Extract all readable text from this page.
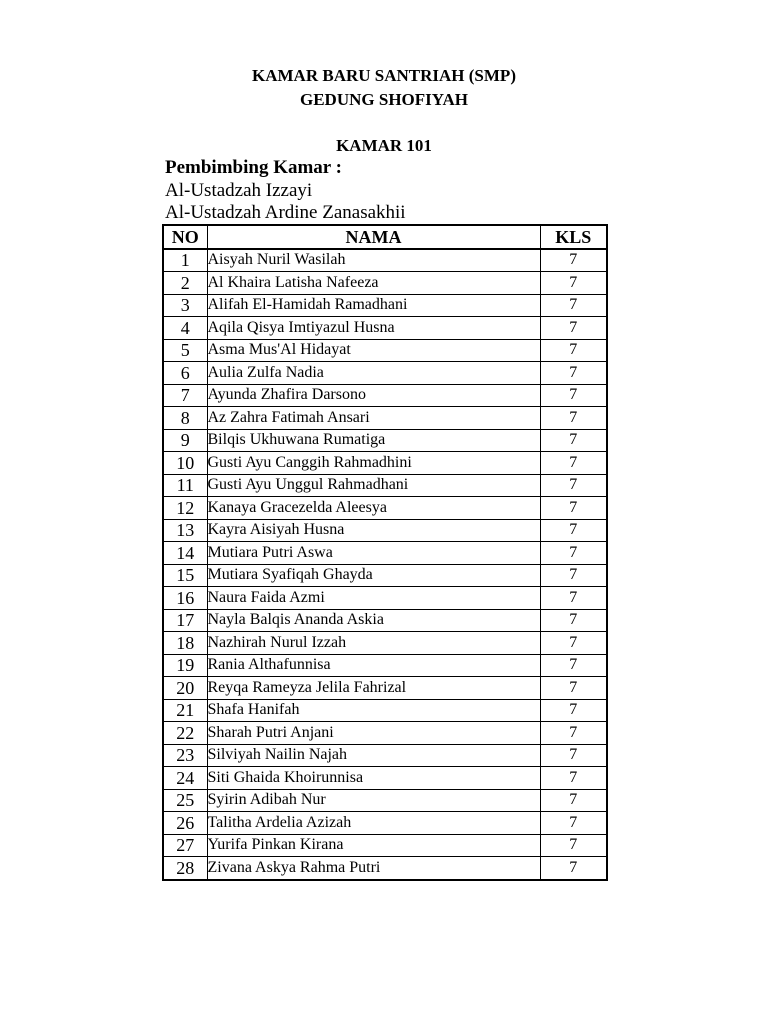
KAMAR BARU SANTRIAH (SMP)
GEDUNG SHOFIYAH
KAMAR 101
Pembimbing Kamar :
Al-Ustadzah Izzayi
Al-Ustadzah Ardine Zanasakhii
NO	NAMA	KLS
1	Aisyah Nuril Wasilah	7
2	Al Khaira Latisha Nafeeza	7
3	Alifah El-Hamidah Ramadhani	7
4	Aqila Qisya Imtiyazul Husna	7
5	Asma Mus'Al Hidayat	7
6	Aulia Zulfa Nadia	7
7	Ayunda Zhafira Darsono	7
8	Az Zahra Fatimah Ansari	7
9	Bilqis Ukhuwana Rumatiga	7
10	Gusti Ayu Canggih Rahmadhini	7
11	Gusti Ayu Unggul Rahmadhani	7
12	Kanaya Gracezelda Aleesya	7
13	Kayra Aisiyah Husna	7
14	Mutiara Putri Aswa	7
15	Mutiara Syafiqah Ghayda	7
16	Naura Faida Azmi	7
17	Nayla Balqis Ananda Askia	7
18	Nazhirah Nurul Izzah	7
19	Rania Althafunnisa	7
20	Reyqa Rameyza Jelila Fahrizal	7
21	Shafa Hanifah	7
22	Sharah Putri Anjani	7
23	Silviyah Nailin Najah	7
24	Siti Ghaida Khoirunnisa	7
25	Syirin Adibah Nur	7
26	Talitha Ardelia Azizah	7
27	Yurifa Pinkan Kirana	7
28	Zivana Askya Rahma Putri	7
